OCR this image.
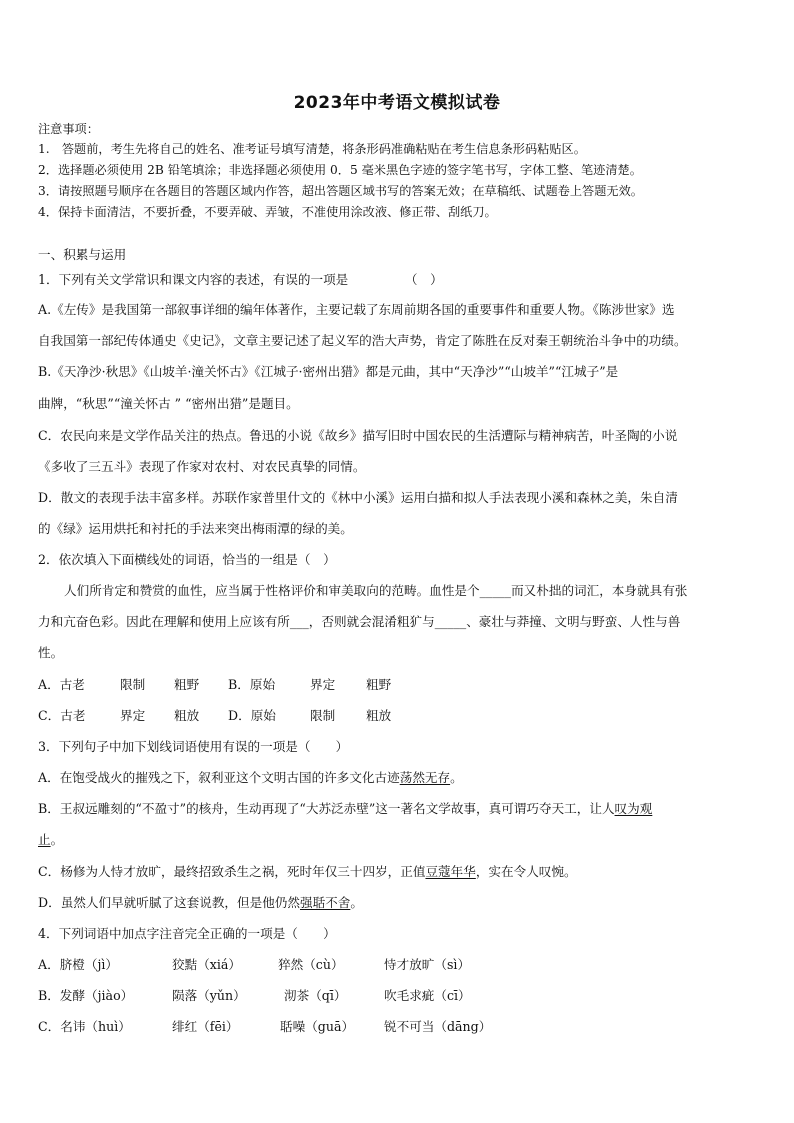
2023年中考语文模拟试卷
注意事项：
1.　答题前，考生先将自己的姓名、准考证号填写清楚，将条形码准确粘贴在考生信息条形码粘贴区。
2．选择题必须使用 2B 铅笔填涂；非选择题必须使用 0．5 毫米黑色字迹的签字笔书写，字体工整、笔迹清楚。
3．请按照题号顺序在各题目的答题区域内作答，超出答题区域书写的答案无效；在草稿纸、试题卷上答题无效。
4．保持卡面清洁，不要折叠，不要弄破、弄皱，不准使用涂改液、修正带、刮纸刀。
一、积累与运用
1．下列有关文学常识和课文内容的表述，有误的一项是　　　　　（　）
A.《左传》是我国第一部叙事详细的编年体著作，主要记载了东周前期各国的重要事件和重要人物。《陈涉世家》选
自我国第一部纪传体通史《史记》，文章主要记述了起义军的浩大声势，肯定了陈胜在反对秦王朝统治斗争中的功绩。
B.《天净沙·秋思》《山坡羊·潼关怀古》《江城子·密州出猎》都是元曲，其中“天净沙”“山坡羊”“江城子”是
曲牌，“秋思”“潼关怀古 ” “密州出猎”是题目。
C．农民向来是文学作品关注的热点。鲁迅的小说《故乡》描写旧时中国农民的生活遭际与精神病苦，叶圣陶的小说
《多收了三五斗》表现了作家对农村、对农民真挚的同情。
D．散文的表现手法丰富多样。苏联作家普里什文的《林中小溪》运用白描和拟人手法表现小溪和森林之美，朱自清
的《绿》运用烘托和衬托的手法来突出梅雨潭的绿的美。
2．依次填入下面横线处的词语，恰当的一组是（　）
人们所肯定和赞赏的血性，应当属于性格评价和审美取向的范畴。血性是个_____而又朴拙的词汇，本身就具有张
力和亢奋色彩。因此在理解和使用上应该有所___，否则就会混淆粗犷与_____、豪壮与莽撞、文明与野蛮、人性与兽
性。
A．古老	限制 粗野 B．原始	界定 粗野
C．古老	界定 粗放 D．原始	限制 粗放
3．下列句子中加下划线词语使用有误的一项是（　　）
A．在饱受战火的摧残之下，叙利亚这个文明古国的许多文化古迹荡然无存。
B．王叔远雕刻的“不盈寸”的核舟，生动再现了“大苏泛赤壁”这一著名文学故事，真可谓巧夺天工，让人叹为观
止。
C．杨修为人恃才放旷，最终招致杀生之祸，死时年仅三十四岁，正值豆蔻年华，实在令人叹惋。
D．虽然人们早就听腻了这套说教，但是他仍然强聒不舍。
4．下列词语中加点字注音完全正确的一项是（　　）
A．脐橙（jì）	狡黠（xiá）	猝然（cù）	恃才放旷（sì）
B．发酵（jiào）	陨落（yǔn）	沏茶（qī）	吹毛求疵（cī）
C．名讳（huì）	绯红（fēi）	聒噪（guā） 锐不可当（dāng）
